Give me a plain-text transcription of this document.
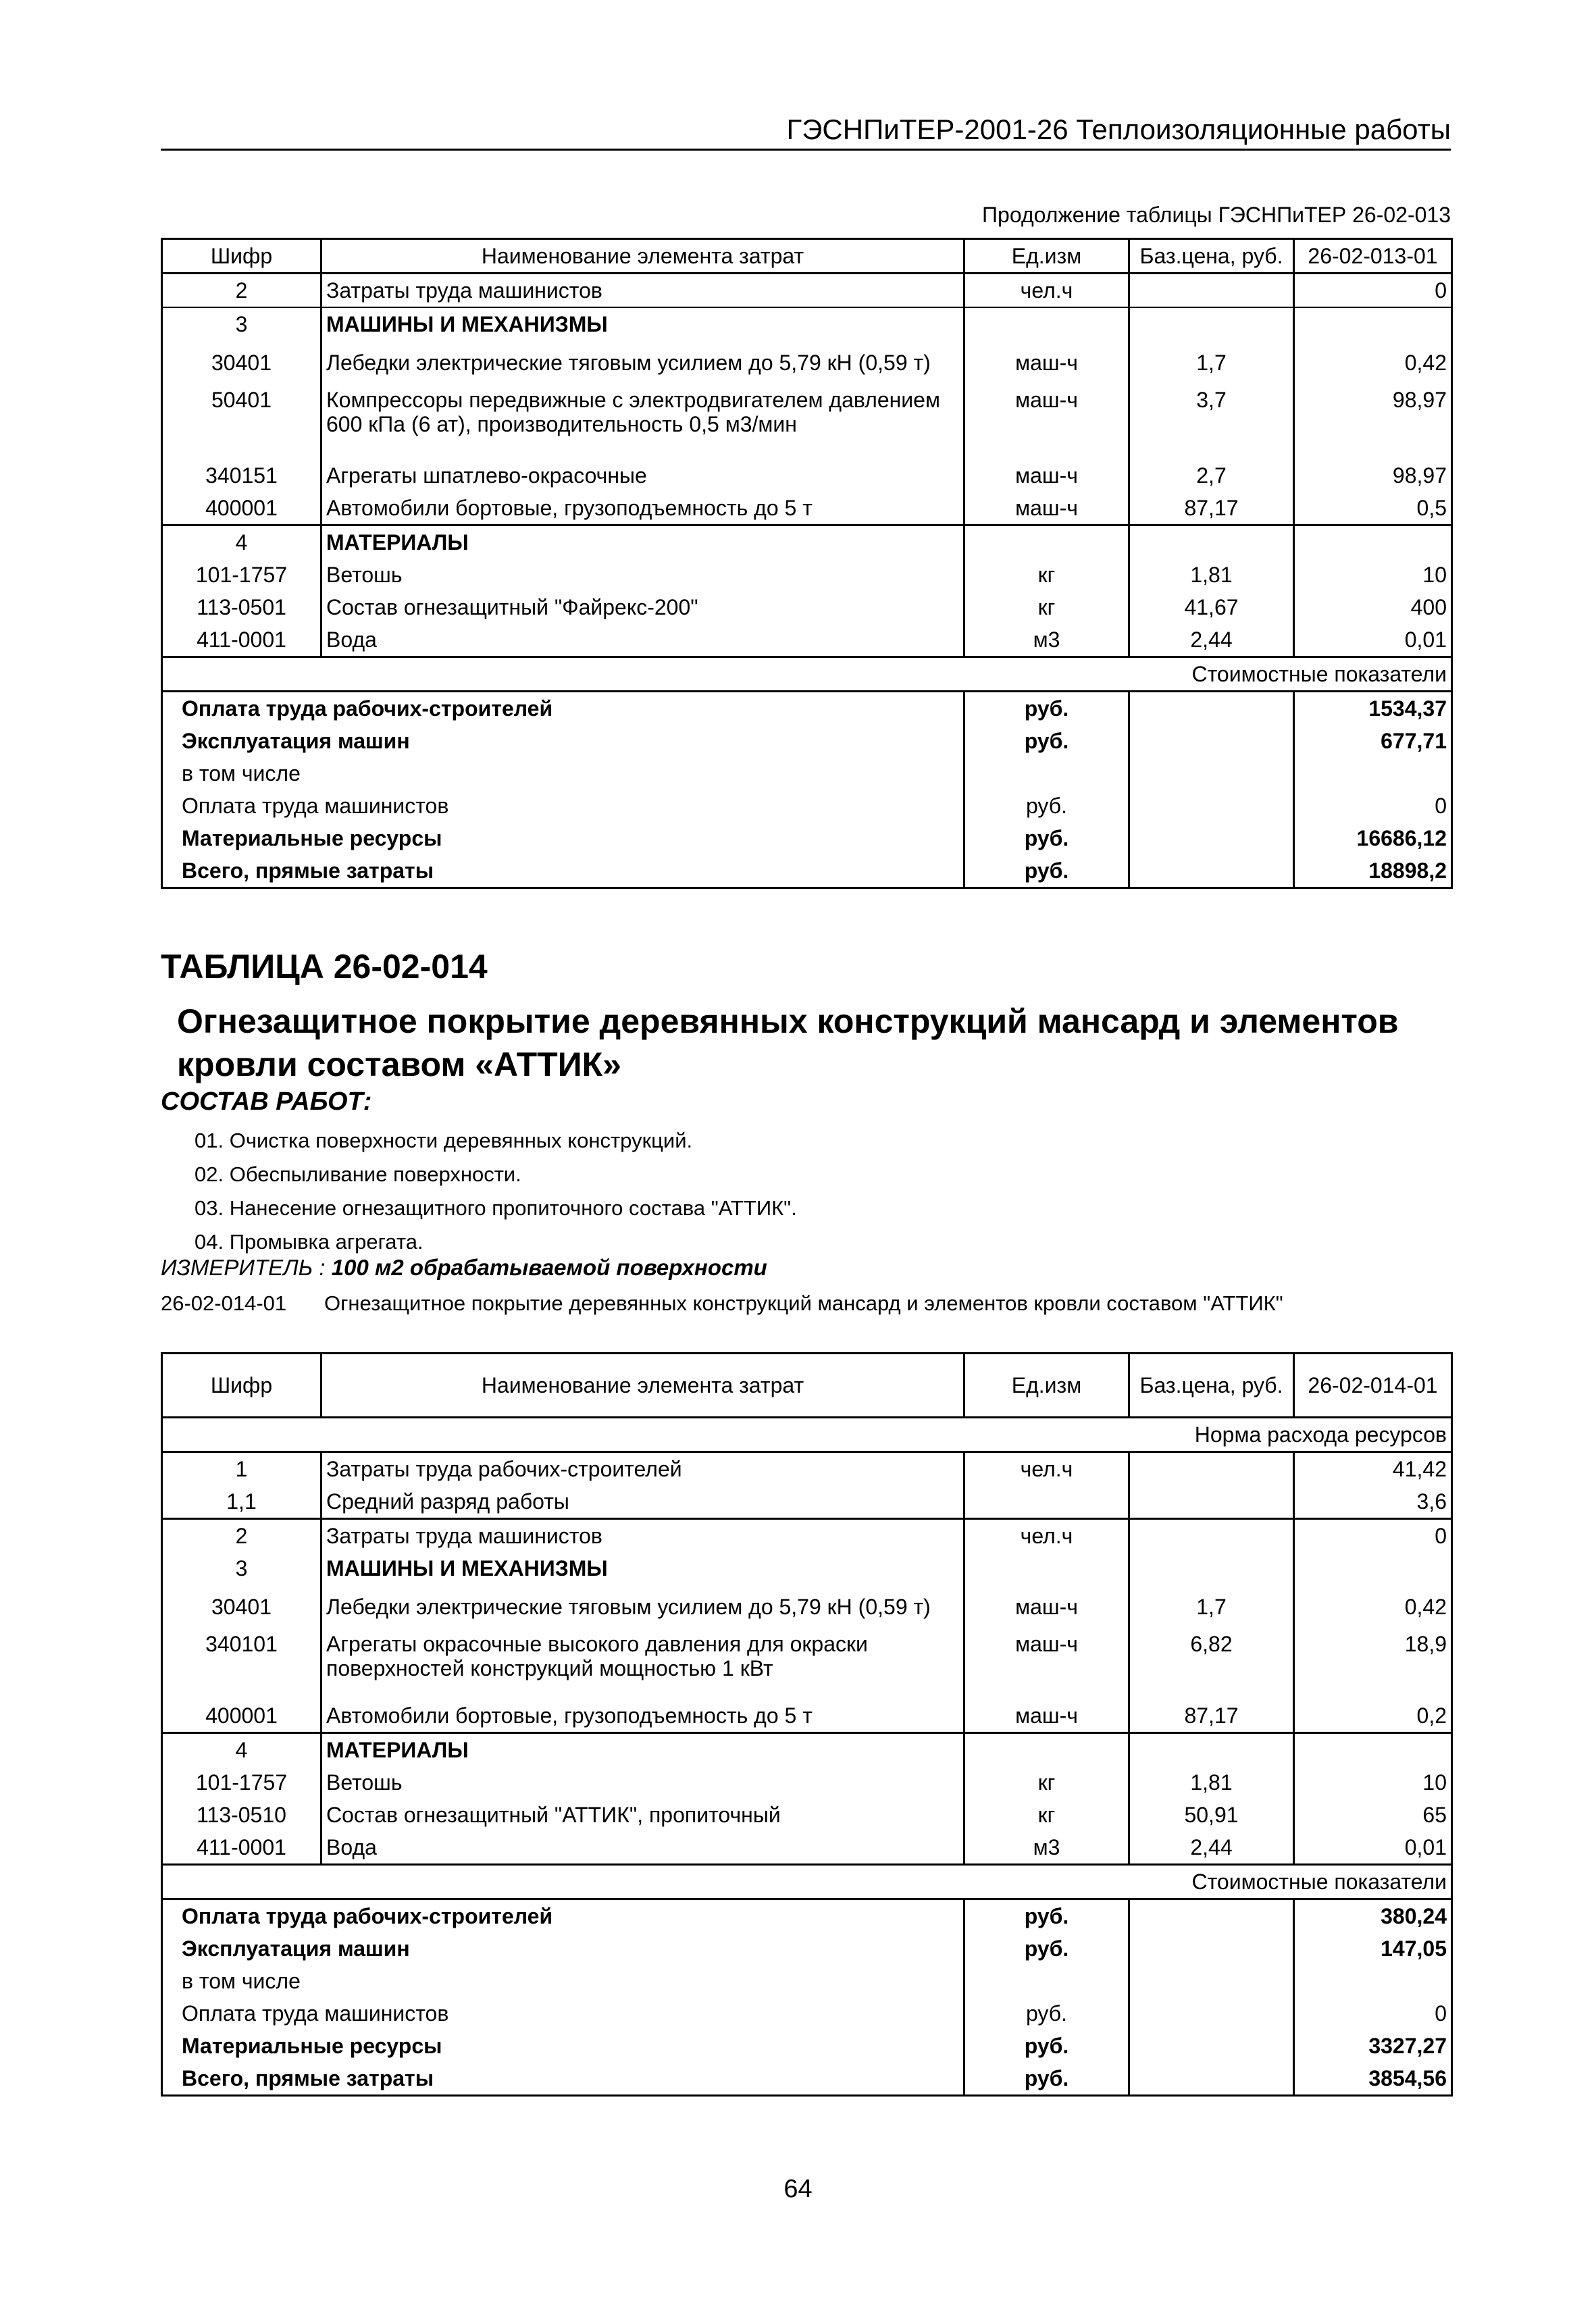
ГЭСНПиТЕР-2001-26 Теплоизоляционные работы
Продолжение таблицы ГЭСНПиТЕР 26-02-013
Шифр	Наименование элемента затрат	Ед.изм	Баз.цена, руб.	26-02-013-01
2	Затраты труда машинистов	чел.ч		0
3	МАШИНЫ И МЕХАНИЗМЫ			
30401	Лебедки электрические тяговым усилием до 5,79 кН (0,59 т)	маш-ч	1,7	0,42
50401	Компрессоры передвижные с электродвигателем давлением 600 кПа (6 ат), производительность 0,5 м3/мин	маш-ч	3,7	98,97
340151	Агрегаты шпатлево-окрасочные	маш-ч	2,7	98,97
400001	Автомобили бортовые, грузоподъемность до 5 т	маш-ч	87,17	0,5
4	МАТЕРИАЛЫ			
101-1757	Ветошь	кг	1,81	10
113-0501	Состав огнезащитный "Файрекс-200"	кг	41,67	400
411-0001	Вода	м3	2,44	0,01
Стоимостные показатели				
Оплата труда рабочих-строителей		руб.		1534,37
Эксплуатация машин		руб.		677,71
в том числе				
Оплата труда машинистов		руб.		0
Материальные ресурсы		руб.		16686,12
Всего, прямые затраты		руб.		18898,2
ТАБЛИЦА 26-02-014
Огнезащитное покрытие деревянных конструкций мансард и элементов кровли составом «АТТИК»
СОСТАВ РАБОТ:
01. Очистка поверхности деревянных конструкций.
02. Обеспыливание поверхности.
03. Нанесение огнезащитного пропиточного состава "АТТИК".
04. Промывка агрегата.
ИЗМЕРИТЕЛЬ : 100 м2 обрабатываемой поверхности
26-02-014-01 Огнезащитное покрытие деревянных конструкций мансард и элементов кровли составом "АТТИК"
Шифр	Наименование элемента затрат	Ед.изм	Баз.цена, руб.	26-02-014-01
Норма расхода ресурсов				
1	Затраты труда рабочих-строителей	чел.ч		41,42
1,1	Средний разряд работы			3,6
2	Затраты труда машинистов	чел.ч		0
3	МАШИНЫ И МЕХАНИЗМЫ			
30401	Лебедки электрические тяговым усилием до 5,79 кН (0,59 т)	маш-ч	1,7	0,42
340101	Агрегаты окрасочные высокого давления для окраски поверхностей конструкций мощностью 1 кВт	маш-ч	6,82	18,9
400001	Автомобили бортовые, грузоподъемность до 5 т	маш-ч	87,17	0,2
4	МАТЕРИАЛЫ			
101-1757	Ветошь	кг	1,81	10
113-0510	Состав огнезащитный "АТТИК", пропиточный	кг	50,91	65
411-0001	Вода	м3	2,44	0,01
Стоимостные показатели				
Оплата труда рабочих-строителей		руб.		380,24
Эксплуатация машин		руб.		147,05
в том числе				
Оплата труда машинистов		руб.		0
Материальные ресурсы		руб.		3327,27
Всего, прямые затраты		руб.		3854,56
64
